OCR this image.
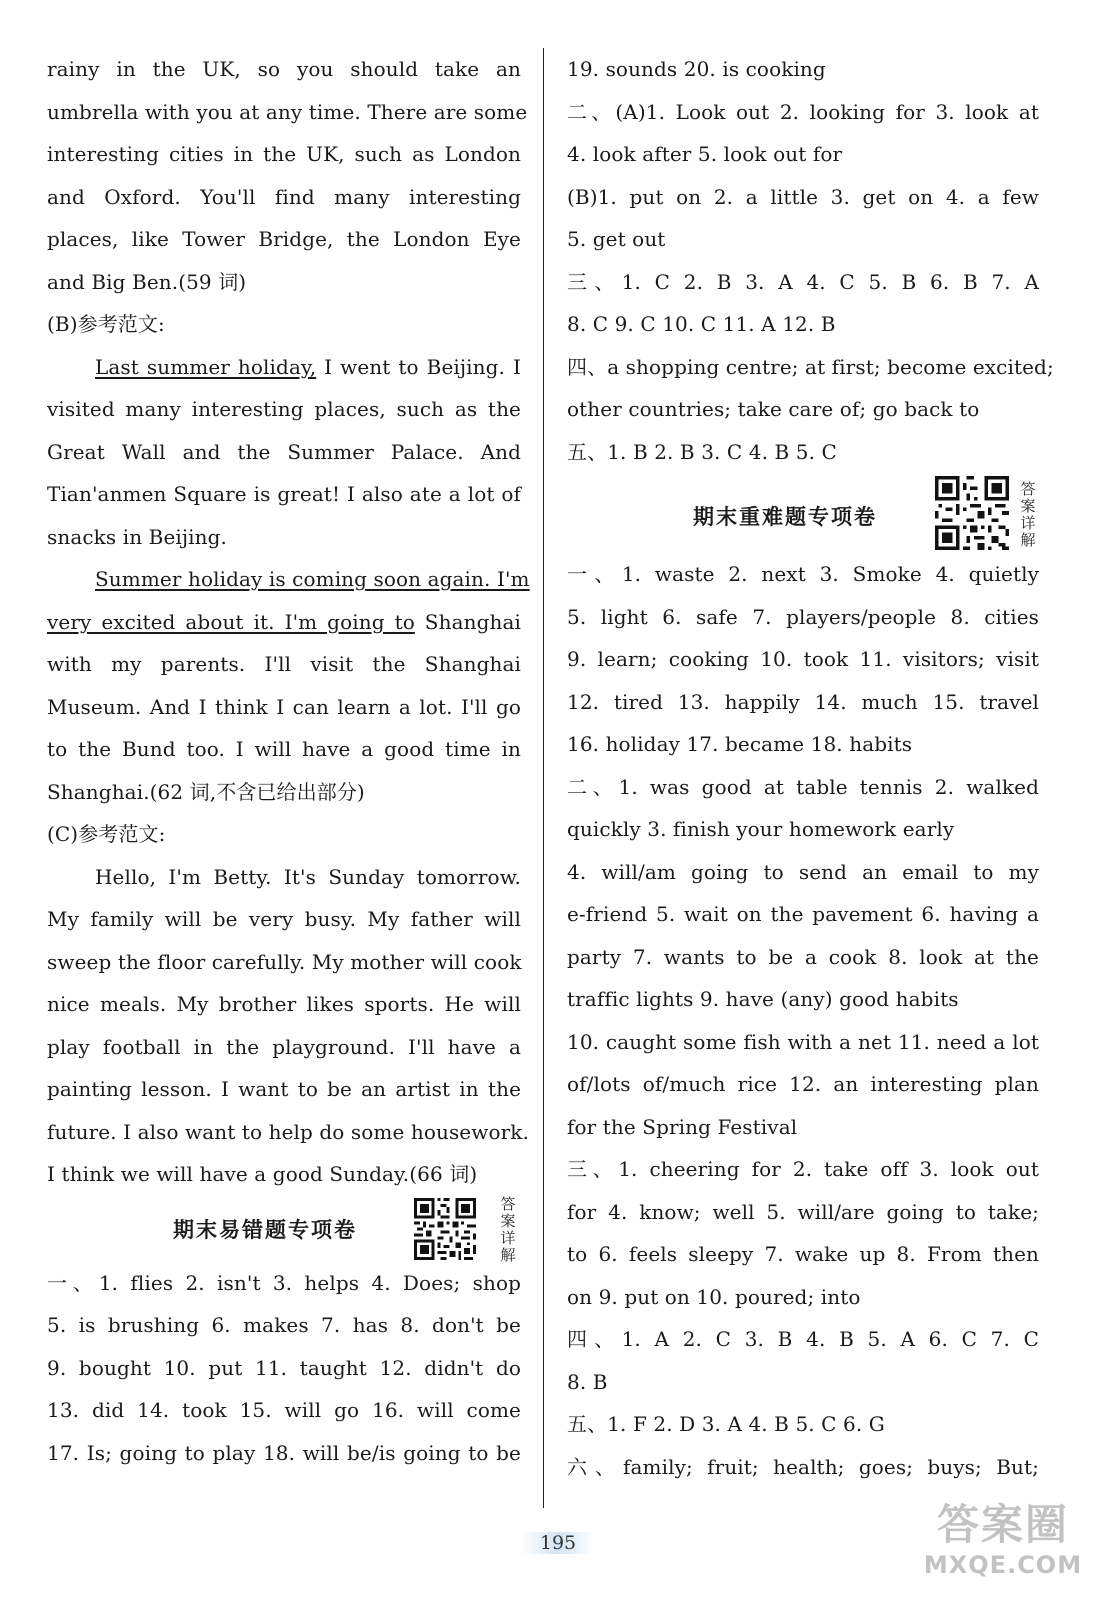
rainy in the UK, so you should take an
umbrella with you at any time. There are some
interesting cities in the UK, such as London
and Oxford. You'll find many interesting
places, like Tower Bridge, the London Eye
and Big Ben.(59 词)
(B)参考范文:
Last summer holiday, I went to Beijing. I
visited many interesting places, such as the
Great Wall and the Summer Palace. And
Tian'anmen Square is great! I also ate a lot of
snacks in Beijing.
Summer holiday is coming soon again. I'm
very excited about it. I'm going to Shanghai
with my parents. I'll visit the Shanghai
Museum. And I think I can learn a lot. I'll go
to the Bund too. I will have a good time in
Shanghai.(62 词,不含已给出部分)
(C)参考范文:
Hello, I'm Betty. It's Sunday tomorrow.
My family will be very busy. My father will
sweep the floor carefully. My mother will cook
nice meals. My brother likes sports. He will
play football in the playground. I'll have a
painting lesson. I want to be an artist in the
future. I also want to help do some housework.
I think we will have a good Sunday.(66 词)
期末易错题专项卷
答案详解
一、1. flies 2. isn't 3. helps 4. Does; shop
5. is brushing 6. makes 7. has 8. don't be
9. bought 10. put 11. taught 12. didn't do
13. did 14. took 15. will go 16. will come
17. Is; going to play 18. will be/is going to be
19. sounds 20. is cooking
二、(A)1. Look out 2. looking for 3. look at
4. look after 5. look out for
(B)1. put on 2. a little 3. get on 4. a few
5. get out
三、1. C 2. B 3. A 4. C 5. B 6. B 7. A
8. C 9. C 10. C 11. A 12. B
四、a shopping centre; at first; become excited;
other countries; take care of; go back to
五、1. B 2. B 3. C 4. B 5. C
期末重难题专项卷
答案详解
一、1. waste 2. next 3. Smoke 4. quietly
5. light 6. safe 7. players/people 8. cities
9. learn; cooking 10. took 11. visitors; visit
12. tired 13. happily 14. much 15. travel
16. holiday 17. became 18. habits
二、1. was good at table tennis 2. walked
quickly 3. finish your homework early
4. will/am going to send an email to my
e-friend 5. wait on the pavement 6. having a
party 7. wants to be a cook 8. look at the
traffic lights 9. have (any) good habits
10. caught some fish with a net 11. need a lot
of/lots of/much rice 12. an interesting plan
for the Spring Festival
三、1. cheering for 2. take off 3. look out
for 4. know; well 5. will/are going to take;
to 6. feels sleepy 7. wake up 8. From then
on 9. put on 10. poured; into
四、1. A 2. C 3. B 4. B 5. A 6. C 7. C
8. B
五、1. F 2. D 3. A 4. B 5. C 6. G
六、family; fruit; health; goes; buys; But;
195	答案圈
MXQE.COM
